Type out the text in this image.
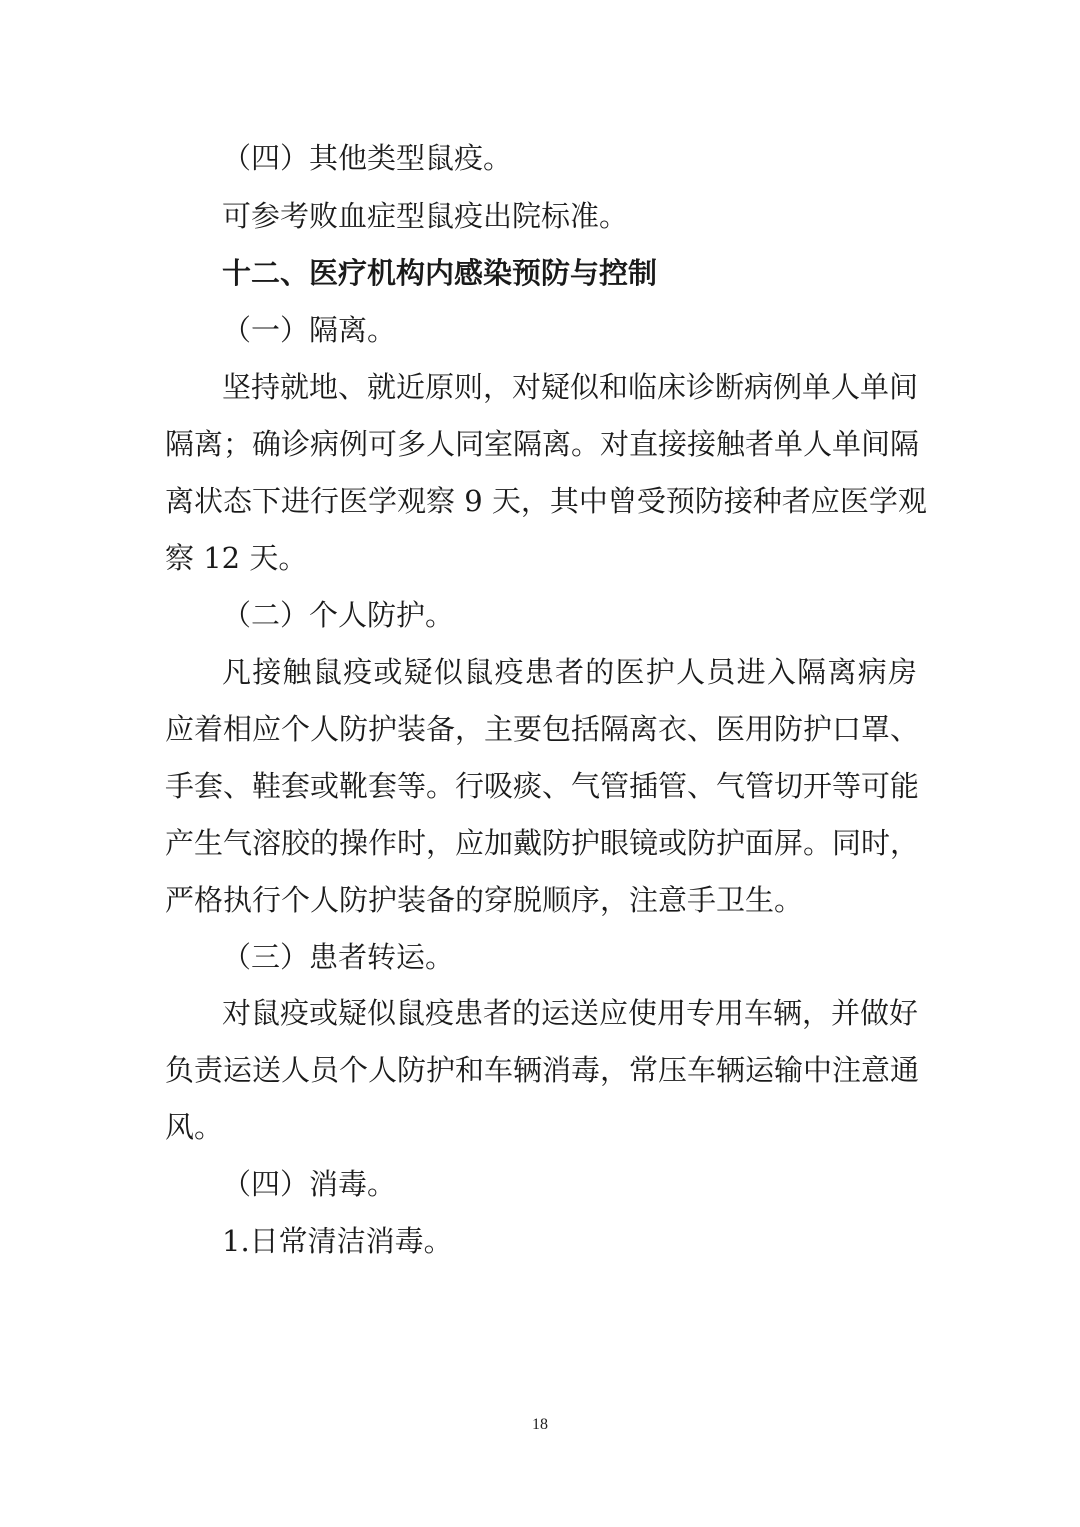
（四）其他类型鼠疫。
可参考败血症型鼠疫出院标准。
十二、医疗机构内感染预防与控制
（一）隔离。
坚持就地、就近原则，对疑似和临床诊断病例单人单间
隔离；确诊病例可多人同室隔离。对直接接触者单人单间隔
离状态下进行医学观察 9 天，其中曾受预防接种者应医学观
察 12 天。
（二）个人防护。
凡接触鼠疫或疑似鼠疫患者的医护人员进入隔离病房
应着相应个人防护装备，主要包括隔离衣、医用防护口罩、
手套、鞋套或靴套等。行吸痰、气管插管、气管切开等可能
产生气溶胶的操作时，应加戴防护眼镜或防护面屏。同时，
严格执行个人防护装备的穿脱顺序，注意手卫生。
（三）患者转运。
对鼠疫或疑似鼠疫患者的运送应使用专用车辆，并做好
负责运送人员个人防护和车辆消毒，常压车辆运输中注意通
风。
（四）消毒。
1.日常清洁消毒。
18
